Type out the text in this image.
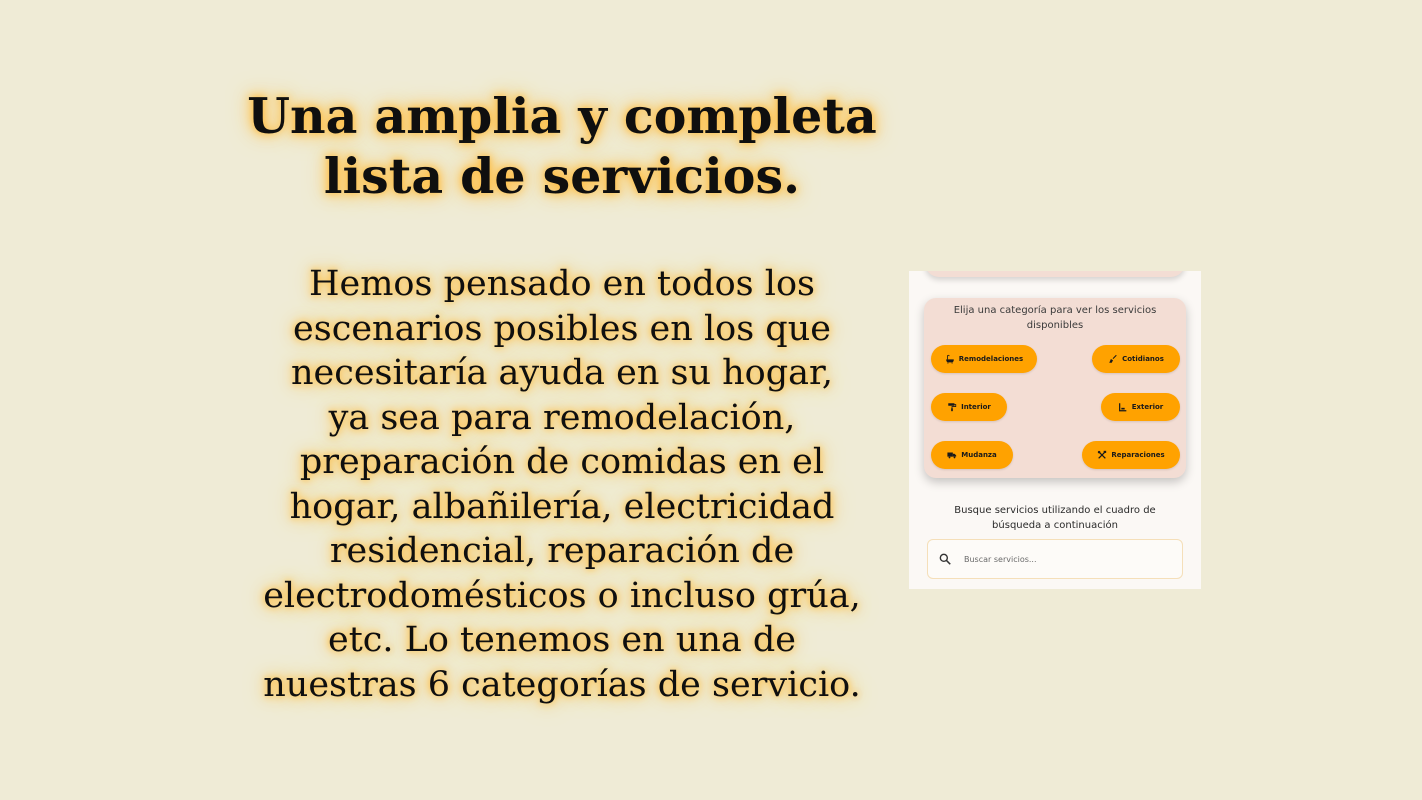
Una amplia y completa
lista de servicios.

Hemos pensado en todos los
escenarios posibles en los que
necesitaría ayuda en su hogar,
ya sea para remodelación,
preparación de comidas en el
hogar, albañilería, electricidad
residencial, reparación de
electrodomésticos o incluso grúa,
etc. Lo tenemos en una de
nuestras 6 categorías de servicio.

Elija una categoría para ver los servicios
disponibles

Remodelaciones	Cotidianos
Interior	Exterior
Mudanza	Reparaciones

Busque servicios utilizando el cuadro de
búsqueda a continuación

Buscar servicios...
